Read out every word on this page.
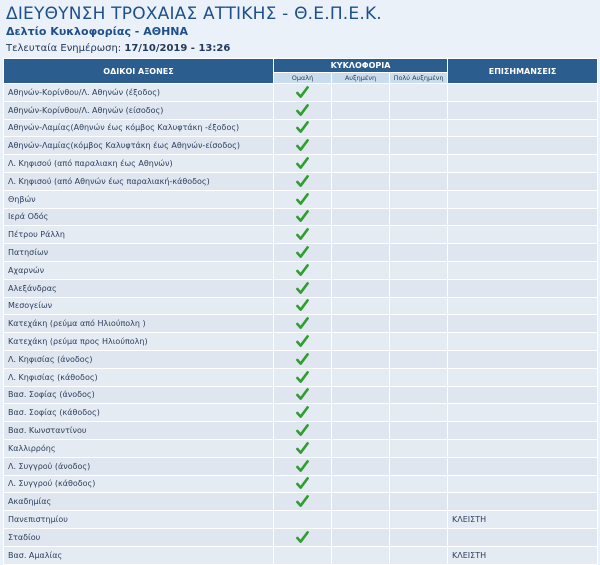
ΔΙΕΥΘΥΝΣΗ ΤΡΟΧΑΙΑΣ ΑΤΤΙΚΗΣ - Θ.Ε.Π.Ε.Κ.
Δελτίο Κυκλοφορίας - ΑΘΗΝΑ
Τελευταία Ενημέρωση: 17/10/2019 - 13:26
ΟΔΙΚΟΙ ΑΞΟΝΕΣ	ΚΥΚΛΟΦΟΡΙΑ			ΕΠΙΣΗΜΑΝΣΕΙΣ
	Ομαλή	Αυξημένη	Πολύ Αυξημένη	
Αθηνών-Κορίνθου/Λ. Αθηνών (έξοδος)				
Αθηνών-Κορίνθου/Λ. Αθηνών (είσοδος)				
Αθηνών-Λαμίας(Αθηνών έως κόμβος Καλυφτάκη -έξοδος)				
Αθηνών-Λαμίας(κόμβος Καλυφτάκη έως Αθηνών-είσοδος)				
Λ. Κηφισού (από παραλιακη έως Αθηνών)				
Λ. Κηφισού (από Αθηνών έως παραλιακή-κάθοδος)				
Θηβών				
Ιερά Οδός				
Πέτρου Ράλλη				
Πατησίων				
Αχαρνών				
Αλεξάνδρας				
Μεσογείων				
Κατεχάκη (ρεύμα από Ηλιούπολη )				
Κατεχάκη (ρεύμα προς Ηλιούπολη)				
Λ. Κηφισίας (άνοδος)				
Λ. Κηφισίας (κάθοδος)				
Βασ. Σοφίας (άνοδος)				
Βασ. Σοφίας (κάθοδος)				
Βασ. Κωνσταντίνου				
Καλλιρρόης				
Λ. Συγγρού (άνοδος)				
Λ. Συγγρού (κάθοδος)				
Ακαδημίας				
Πανεπιστημίου				ΚΛΕΙΣΤΗ
Σταδίου				
Βασ. Αμαλίας				ΚΛΕΙΣΤΗ
